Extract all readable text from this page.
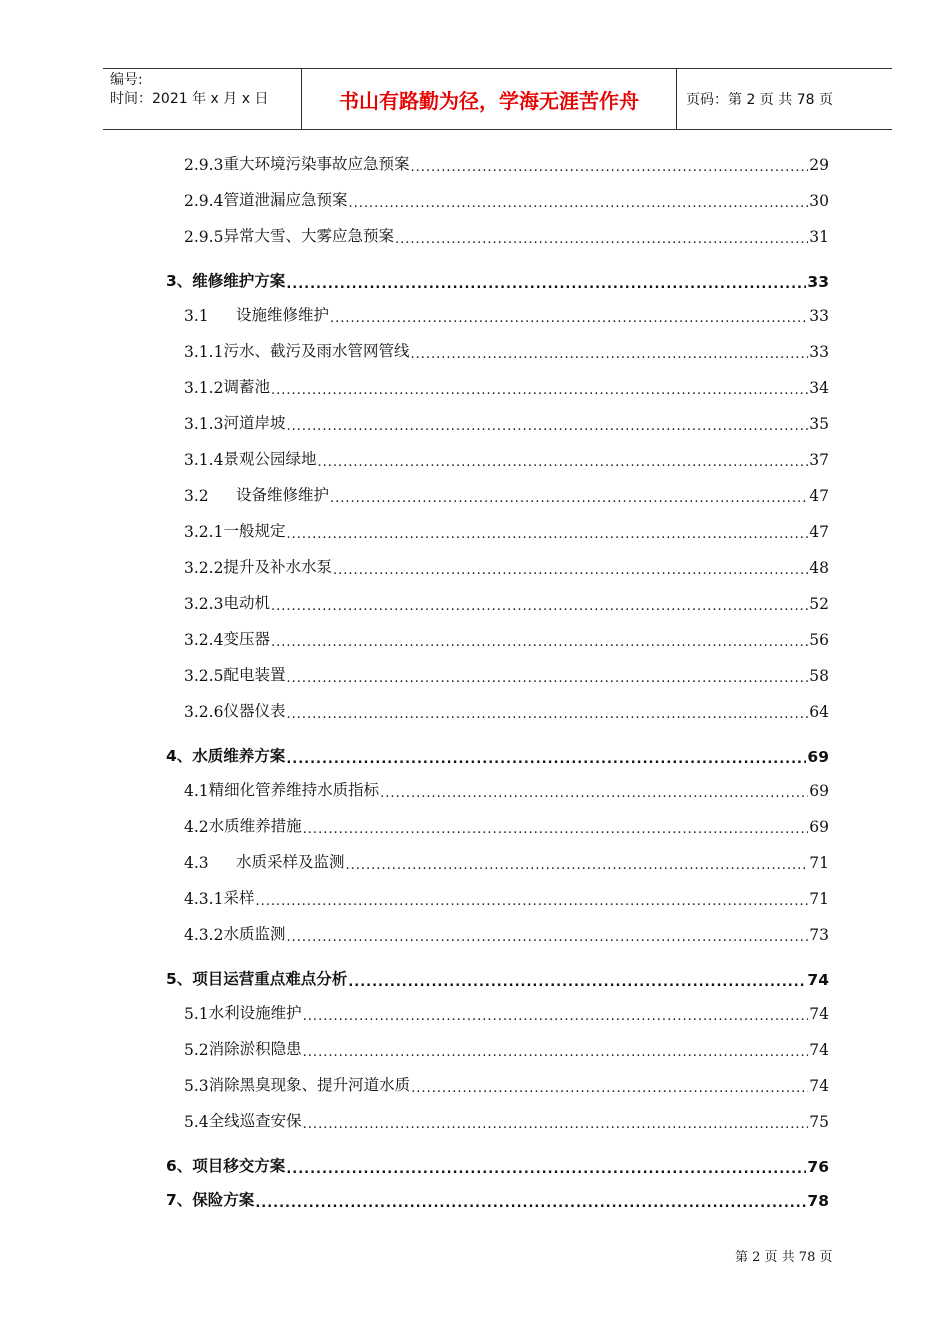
编号:
时间：2021 年 x 月 x 日	书山有路勤为径，学海无涯苦作舟	页码：第 2 页 共 78 页
2.9.3 重大环境污染事故应急预案 .....	29
2.9.4 管道泄漏应急预案 .....	30
2.9.5 异常大雪、大雾应急预案 .....	31
3、 维修维护方案 .....	33
3.1	设施维修维护 .....	33
3.1.1 污水、截污及雨水管网管线 .....	33
3.1.2 调蓄池 .....	34
3.1.3 河道岸坡 .....	35
3.1.4 景观公园绿地 .....	37
3.2	设备维修维护 .....	47
3.2.1 一般规定 .....	47
3.2.2 提升及补水水泵 .....	48
3.2.3 电动机 .....	52
3.2.4 变压器 .....	56
3.2.5 配电装置 .....	58
3.2.6 仪器仪表 .....	64
4、 水质维养方案 .....	69
4.1 精细化管养维持水质指标 .....	69
4.2 水质维养措施 .....	69
4.3	水质采样及监测 .....	71
4.3.1 采样 .....	71
4.3.2 水质监测 .....	73
5、 项目运营重点难点分析 .....	74
5.1 水利设施维护 .....	74
5.2 消除淤积隐患 .....	74
5.3 消除黑臭现象、提升河道水质 .....	74
5.4 全线巡查安保 .....	75
6、 项目移交方案 .....	76
7、 保险方案 .....	78
第 2 页 共 78 页
